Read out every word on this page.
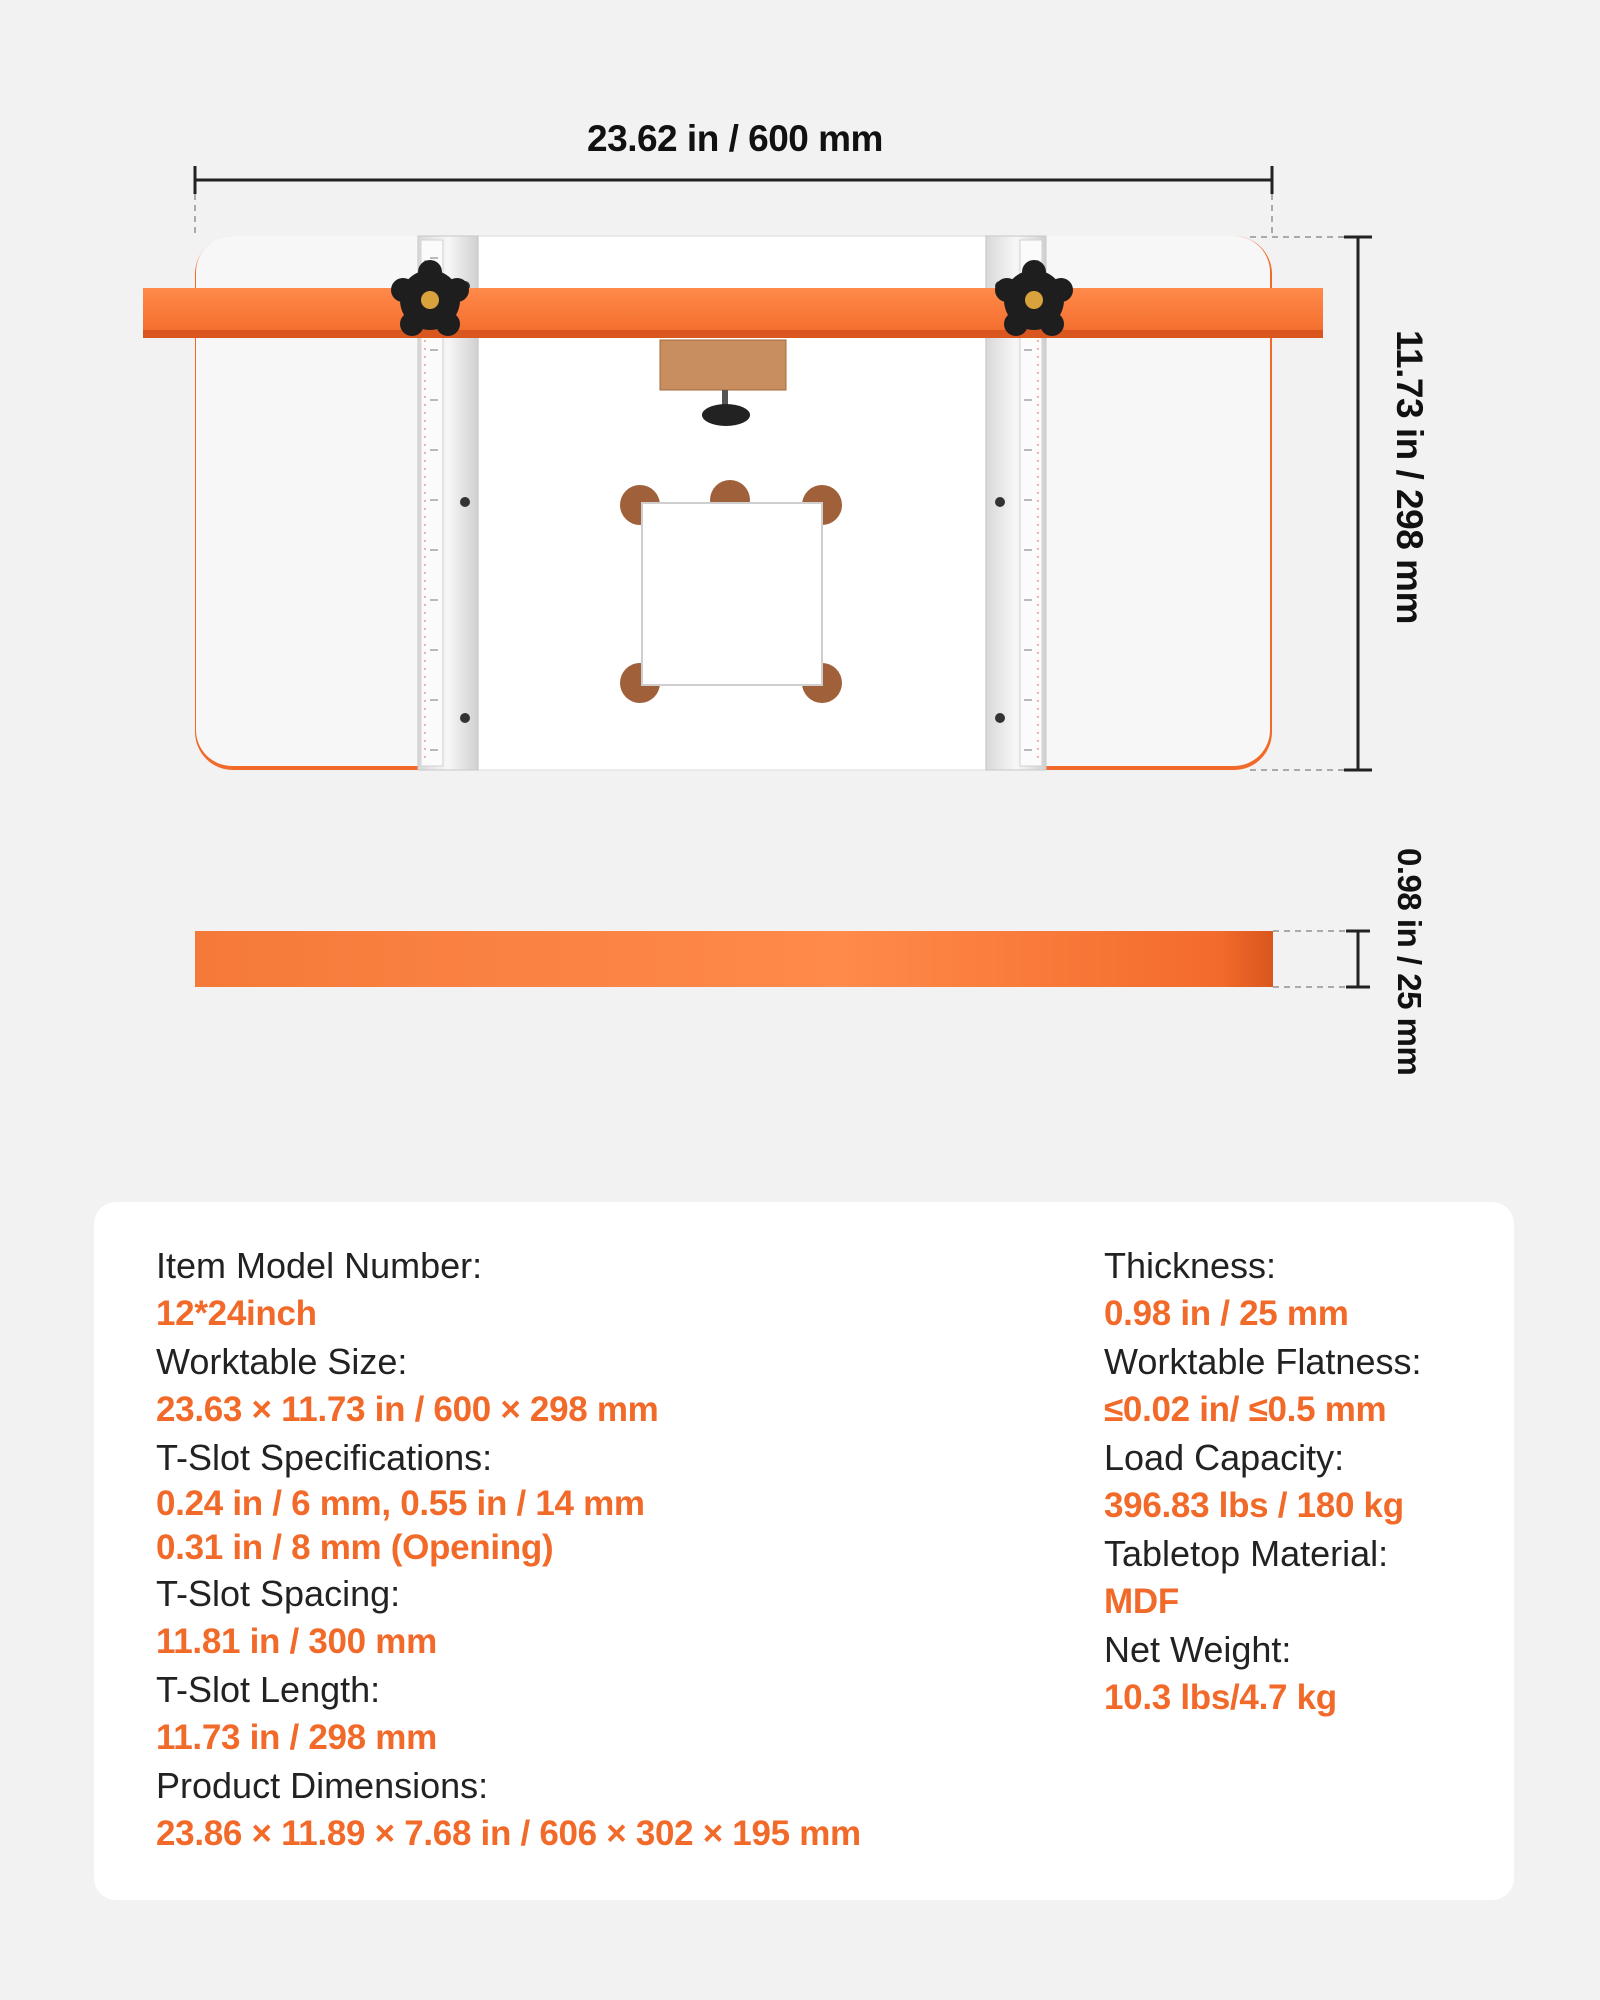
23.62 in / 600 mm
11.73 in / 298 mm
0.98 in / 25 mm
Item Model Number:
12*24inch
Worktable Size:
23.63 × 11.73 in / 600 × 298 mm
T-Slot Specifications:
0.24 in / 6 mm, 0.55 in / 14 mm
0.31 in / 8 mm (Opening)
T-Slot Spacing:
11.81 in / 300 mm
T-Slot Length:
11.73 in / 298 mm
Product Dimensions:
23.86 × 11.89 × 7.68 in / 606 × 302 × 195 mm
Thickness:
0.98 in / 25 mm
Worktable Flatness:
≤0.02 in/ ≤0.5 mm
Load Capacity:
396.83 lbs / 180 kg
Tabletop Material:
MDF
Net Weight:
10.3 lbs/4.7 kg
